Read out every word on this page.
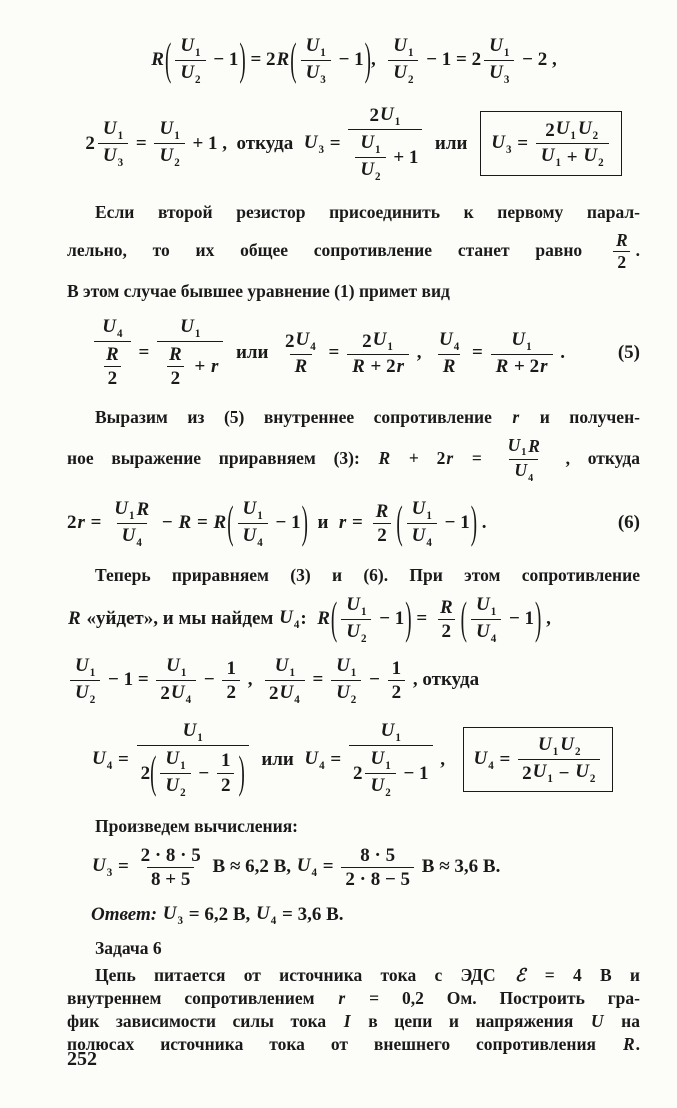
R ( $\frac{U_1}{U_2} - 1$ ) = 2 R ( $\frac{U_1}{U_3} - 1$ ) , $\frac{U_1}{U_2} - 1 = 2 \frac{U_1}{U_3} - 2$ ,
$2 \frac{U_1}{U_3} = \frac{U_1}{U_2} + 1$ ,  откуда $U_3 = \frac{2 U_1}{\frac{U_1}{U_2} + 1}$ или $U_3 = \frac{2 U_1 U_2}{U_1 + U_2}$
Если второй резистор присоединить к первому парал-
лельно, то их общее сопротивление станет равно $\frac{R}{2}$ .
В этом случае бывшее уравнение (1) примет вид
$\frac{U_4}{\frac{R}{2}} = \frac{U_1}{\frac{R}{2} + r}$ или $\frac{2 U_4}{R} = \frac{2 U_1}{R + 2 r}$ , $\frac{U_4}{R} = \frac{U_1}{R + 2 r}$ .	(5)
Выразим из (5) внутреннее сопротивление r и получен-
ное выражение приравняем (3): $R + 2r = \frac{U_1 R}{U_4}$ , откуда
2 $r = \frac{U_1 R}{U_4} - R = R$ ( $\frac{U_1}{U_4} - 1$ ) и $r = \frac{R}{2}$ ( $\frac{U_1}{U_4} - 1$ ) .	(6)
Теперь приравняем (3) и (6). При этом сопротивление
R «уйдет», и мы найдем $U_4$ : R ( $\frac{U_1}{U_2} - 1$ ) = $\frac{R}{2}$ ( $\frac{U_1}{U_4} - 1$ ) ,
$\frac{U_1}{U_2} - 1 = \frac{U_1}{2 U_4} - \frac{1}{2}$ , $\frac{U_1}{2 U_4} = \frac{U_1}{U_2} - \frac{1}{2}$ , откуда
$U_4 = \frac{U_1}{2 ( \frac{U_1}{U_2} - \frac{1}{2} )}$ или $U_4 = \frac{U_1}{2 \frac{U_1}{U_2} - 1}$ , $U_4 = \frac{U_1 U_2}{2 U_1 - U_2}$
Произведем вычисления:
$U_3 = \frac{2 \cdot 8 \cdot 5}{8 + 5}$ В ≈ 6,2 В, $U_4 = \frac{8 \cdot 5}{2 \cdot 8 - 5}$ В ≈ 3,6 В.
Ответ: $U_3 = 6,2$ В, $U_4 = 3,6$ В.
Задача 6
Цепь питается от источника тока с ЭДС ℰ = 4 В и
внутреннем сопротивлением r = 0,2 Ом. Построить гра-
фик зависимости силы тока I в цепи и напряжения U на
полюсах источника тока от внешнего сопротивления R.
252
